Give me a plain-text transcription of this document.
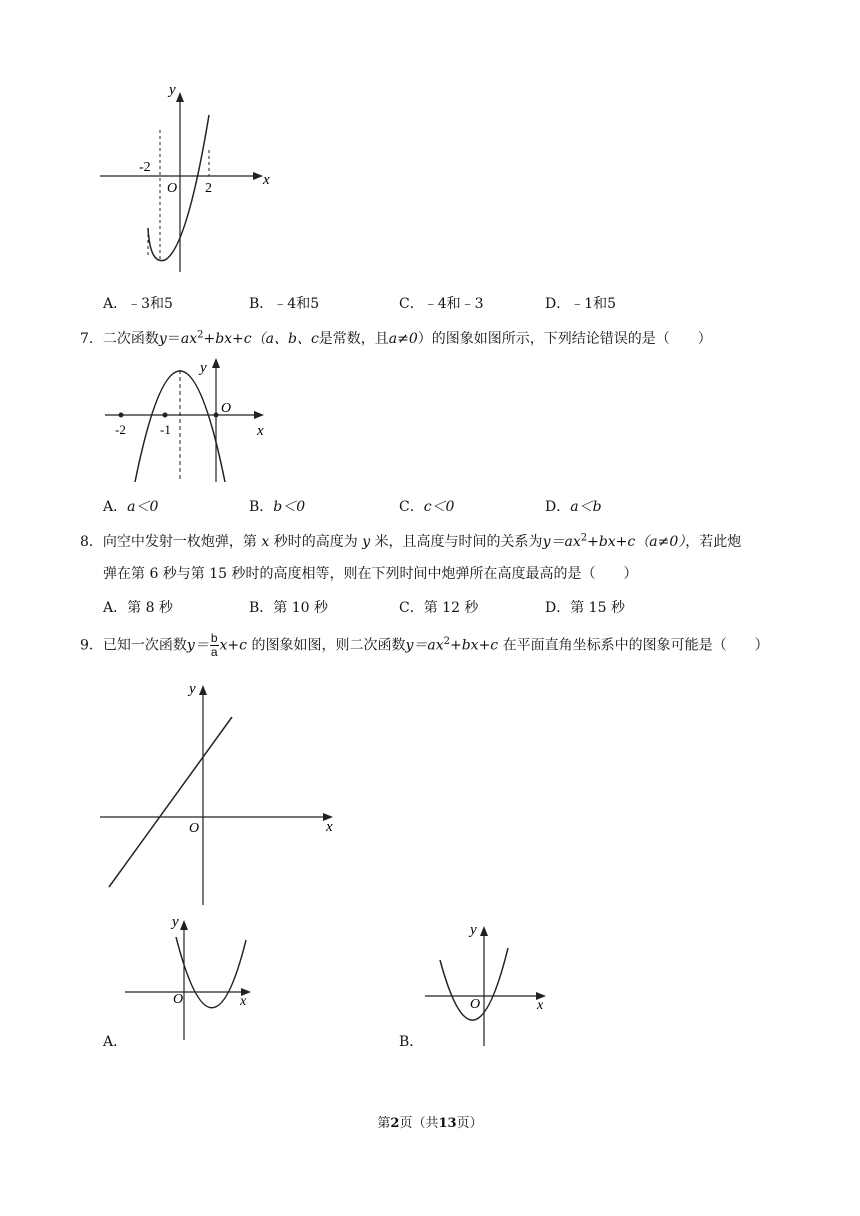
y
x
O
-2
2
A．﹣3和5	B．﹣4和5	C．﹣4和﹣3	D．﹣1和5
7．二次函数$y=ax^2+bx+c(a$、b、c是常数，且a≠0）的图象如图所示，下列结论错误的是（　　）
y
x
O
-2	-1
A．a＜0	B．b＜0	C．c＜0	D．a＜b
8．向空中发射一枚炮弹，第 x 秒时的高度为 y 米，且高度与时间的关系为$y=ax^2+bx+c(a\ne 0)$，若此炮
弹在第 6 秒与第 15 秒时的高度相等，则在下列时间中炮弹所在高度最高的是（　　）
A．第 8 秒	B．第 10 秒	C．第 12 秒	D．第 15 秒
9．已知一次函数$y= \frac{b}{a} x+c$ 的图象如图，则二次函数$y=ax^2+bx+c$ 在平面直角坐标系中的图象可能是（　　）
y
x
O
y
x
O
A．
y
x
O
B．
第2页（共13页）
